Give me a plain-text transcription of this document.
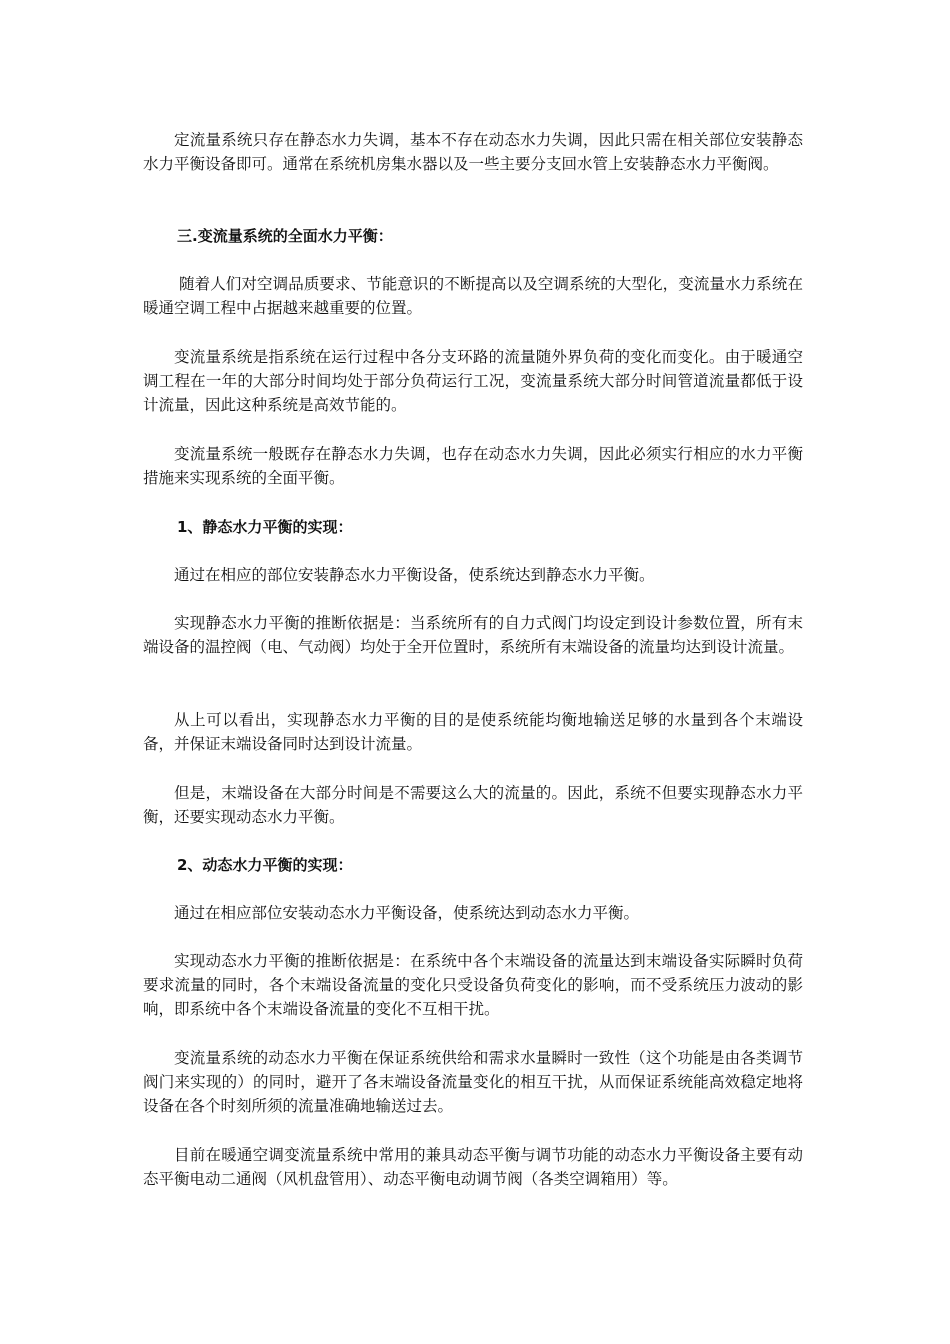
定流量系统只存在静态水力失调，基本不存在动态水力失调，因此只需在相关部位安装静态水力平衡设备即可。通常在系统机房集水器以及一些主要分支回水管上安装静态水力平衡阀。

三.变流量系统的全面水力平衡：

随着人们对空调品质要求、节能意识的不断提高以及空调系统的大型化，变流量水力系统在暖通空调工程中占据越来越重要的位置。

变流量系统是指系统在运行过程中各分支环路的流量随外界负荷的变化而变化。由于暖通空调工程在一年的大部分时间均处于部分负荷运行工况，变流量系统大部分时间管道流量都低于设计流量，因此这种系统是高效节能的。

变流量系统一般既存在静态水力失调，也存在动态水力失调，因此必须实行相应的水力平衡措施来实现系统的全面平衡。

1、静态水力平衡的实现：

通过在相应的部位安装静态水力平衡设备，使系统达到静态水力平衡。

实现静态水力平衡的推断依据是：当系统所有的自力式阀门均设定到设计参数位置，所有末端设备的温控阀（电、气动阀）均处于全开位置时，系统所有末端设备的流量均达到设计流量。

从上可以看出，实现静态水力平衡的目的是使系统能均衡地输送足够的水量到各个末端设备，并保证末端设备同时达到设计流量。

但是，末端设备在大部分时间是不需要这么大的流量的。因此，系统不但要实现静态水力平衡，还要实现动态水力平衡。

2、动态水力平衡的实现：

通过在相应部位安装动态水力平衡设备，使系统达到动态水力平衡。

实现动态水力平衡的推断依据是：在系统中各个末端设备的流量达到末端设备实际瞬时负荷要求流量的同时，各个末端设备流量的变化只受设备负荷变化的影响，而不受系统压力波动的影响，即系统中各个末端设备流量的变化不互相干扰。

变流量系统的动态水力平衡在保证系统供给和需求水量瞬时一致性（这个功能是由各类调节阀门来实现的）的同时，避开了各末端设备流量变化的相互干扰，从而保证系统能高效稳定地将设备在各个时刻所须的流量准确地输送过去。

目前在暖通空调变流量系统中常用的兼具动态平衡与调节功能的动态水力平衡设备主要有动态平衡电动二通阀（风机盘管用）、动态平衡电动调节阀（各类空调箱用）等。
